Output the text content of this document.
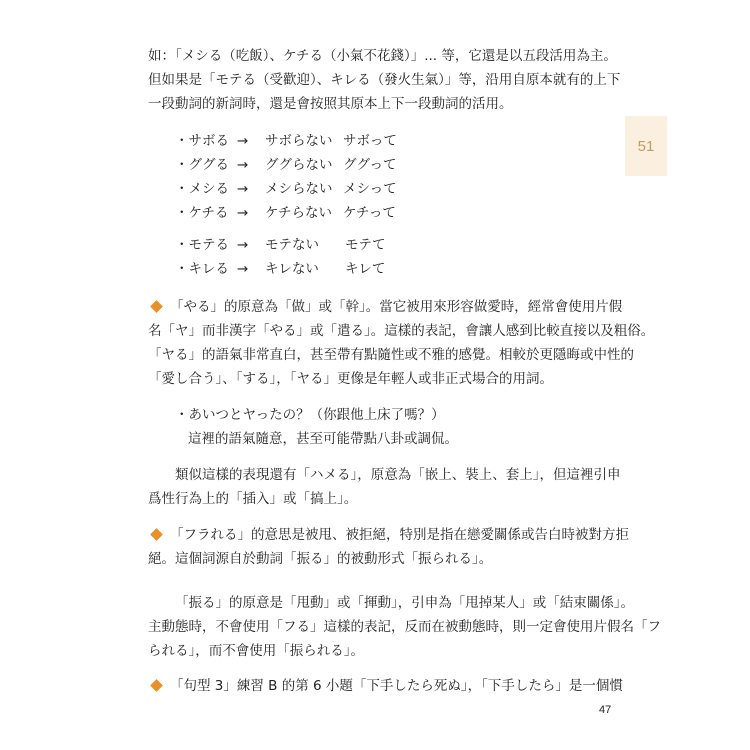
如：「メシる（吃飯）、ケチる（小氣不花錢）」... 等，它還是以五段活用為主。
但如果是「モテる（受歡迎）、キレる（發火生氣）」等，沿用自原本就有的上下
一段動詞的新詞時，還是會按照其原本上下一段動詞的活用。
51
・サボる →	サボらない サボって
・ググる →	ググらない ググって
・メシる →	メシらない メシって
・ケチる →	ケチらない ケチって
・モテる →	モテない	モテて
・キレる →	キレない	キレて
「やる」的原意為「做」或「幹」。當它被用來形容做愛時，經常會使用片假
名「ヤ」而非漢字「やる」或「遣る」。這樣的表記，會讓人感到比較直接以及粗俗。
「ヤる」的語氣非常直白，甚至帶有點隨性或不雅的感覺。相較於更隱晦或中性的
「愛し合う」、「する」，「ヤる」更像是年輕人或非正式場合的用詞。
・あいつとヤったの？（你跟他上床了嗎？）
這裡的語氣隨意，甚至可能帶點八卦或調侃。
類似這樣的表現還有「ハメる」，原意為「嵌上、裝上、套上」，但這裡引申
爲性行為上的「插入」或「搞上」。
「フラれる」的意思是被甩、被拒絕，特別是指在戀愛關係或告白時被對方拒
絕。這個詞源自於動詞「振る」的被動形式「振られる」。
「振る」的原意是「甩動」或「揮動」，引申為「甩掉某人」或「結束關係」。
主動態時，不會使用「フる」這樣的表記，反而在被動態時，則一定會使用片假名「フ
られる」，而不會使用「振られる」。
「句型 3」練習 B 的第 6 小題「下手したら死ぬ」，「下手したら」是一個慣
47
